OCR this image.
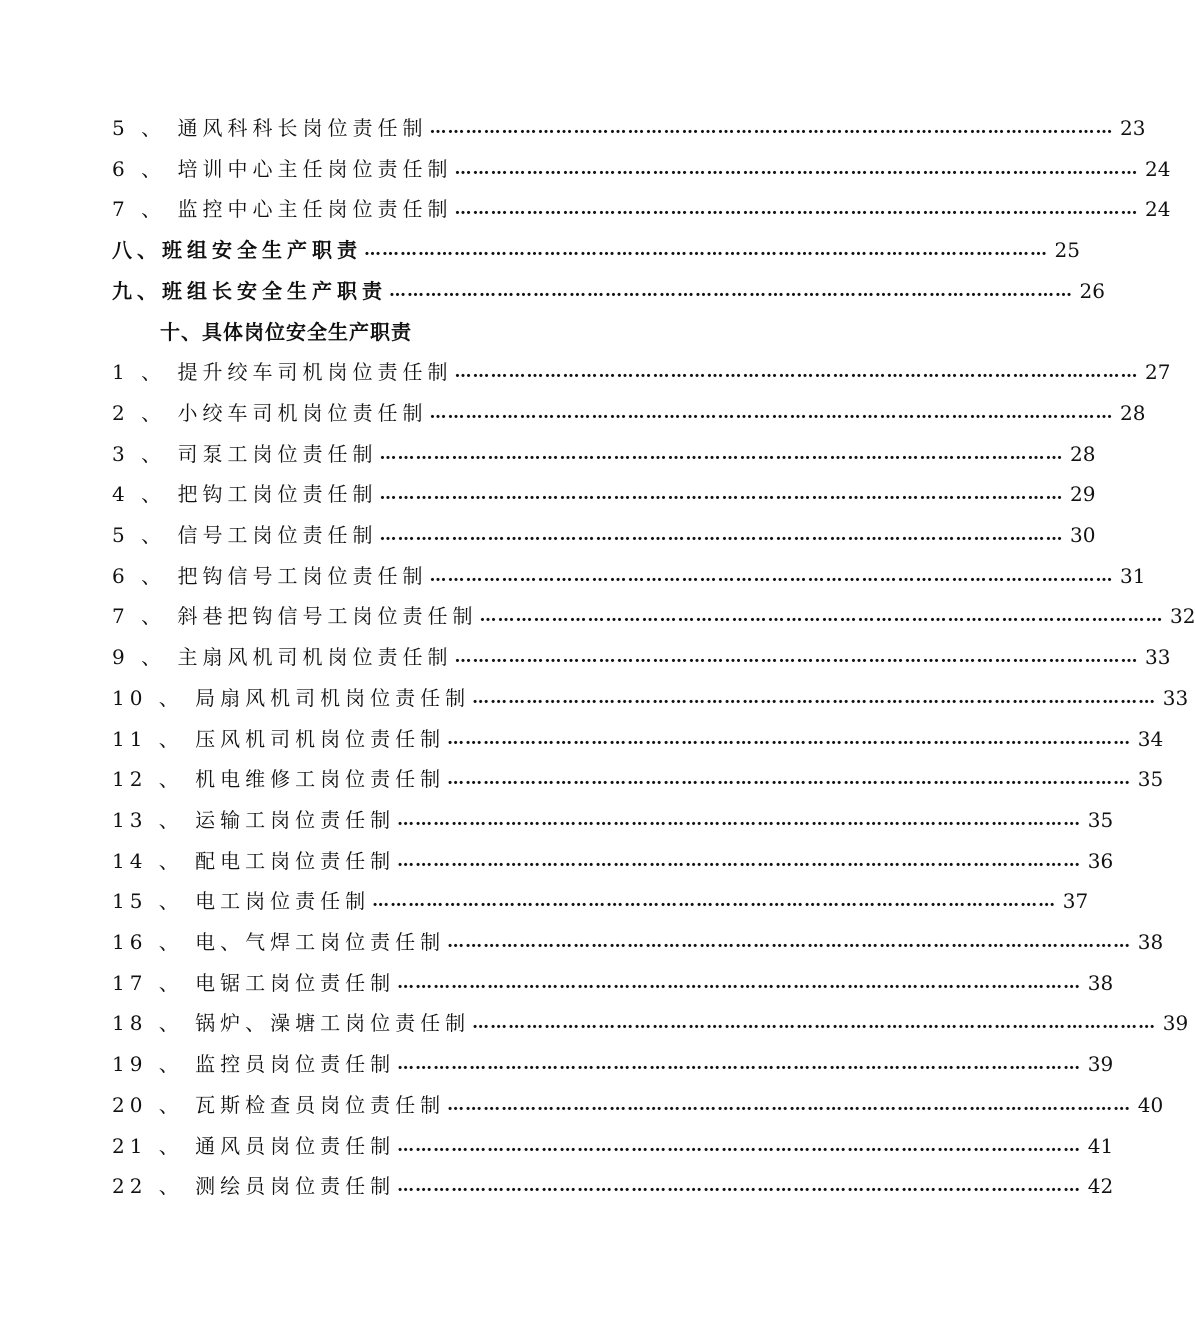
5 、 通风科科长岗位责任制 …………………………………………………………………………………………………… 23
6 、 培训中心主任岗位责任制 …………………………………………………………………………………………………… 24
7 、 监控中心主任岗位责任制 …………………………………………………………………………………………………… 24
八、班组安全生产职责 …………………………………………………………………………………………………… 25
九、班组长安全生产职责 …………………………………………………………………………………………………… 26
十、具体岗位安全生产职责
1 、 提升绞车司机岗位责任制 …………………………………………………………………………………………………… 27
2 、 小绞车司机岗位责任制 …………………………………………………………………………………………………… 28
3 、 司泵工岗位责任制 …………………………………………………………………………………………………… 28
4 、 把钩工岗位责任制 …………………………………………………………………………………………………… 29
5 、 信号工岗位责任制 …………………………………………………………………………………………………… 30
6 、 把钩信号工岗位责任制 …………………………………………………………………………………………………… 31
7 、 斜巷把钩信号工岗位责任制 …………………………………………………………………………………………………… 32
9 、 主扇风机司机岗位责任制 …………………………………………………………………………………………………… 33
10 、 局扇风机司机岗位责任制 …………………………………………………………………………………………………… 33
11 、 压风机司机岗位责任制 …………………………………………………………………………………………………… 34
12 、 机电维修工岗位责任制 …………………………………………………………………………………………………… 35
13 、 运输工岗位责任制 …………………………………………………………………………………………………… 35
14 、 配电工岗位责任制 …………………………………………………………………………………………………… 36
15 、 电工岗位责任制 …………………………………………………………………………………………………… 37
16 、 电、气焊工岗位责任制 …………………………………………………………………………………………………… 38
17 、 电锯工岗位责任制 …………………………………………………………………………………………………… 38
18 、 锅炉、澡塘工岗位责任制 …………………………………………………………………………………………………… 39
19 、 监控员岗位责任制 …………………………………………………………………………………………………… 39
20 、 瓦斯检查员岗位责任制 …………………………………………………………………………………………………… 40
21 、 通风员岗位责任制 …………………………………………………………………………………………………… 41
22 、 测绘员岗位责任制 …………………………………………………………………………………………………… 42
